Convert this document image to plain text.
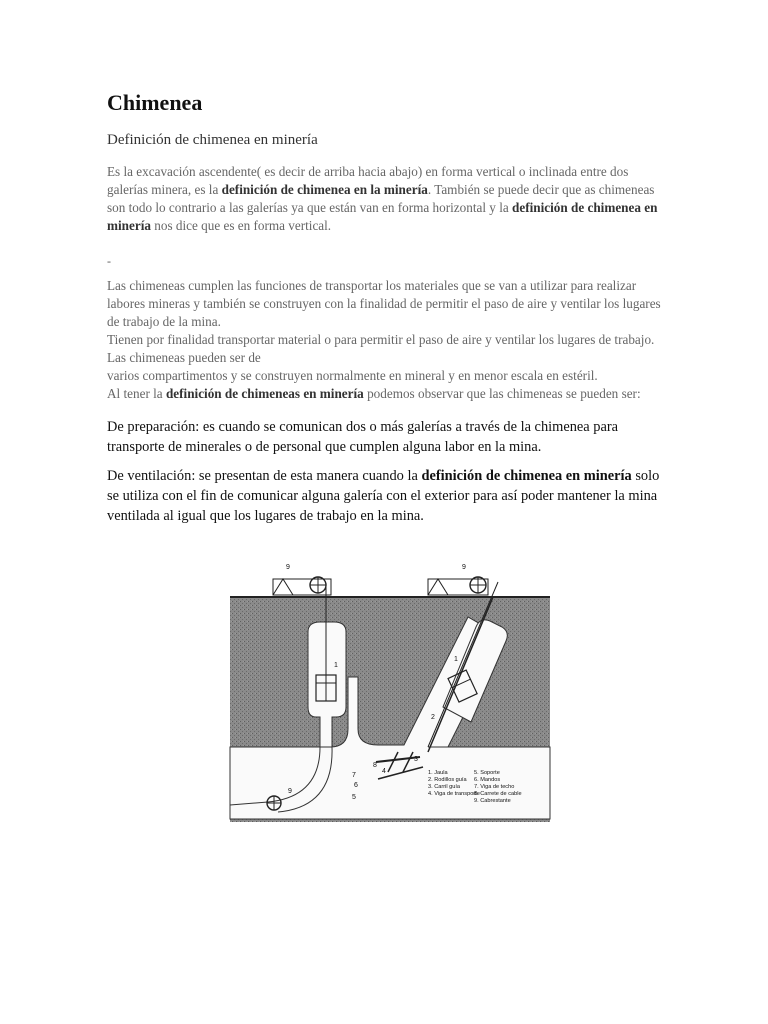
Chimenea

Definición de chimenea en minería

Es la excavación ascendente( es decir de arriba hacia abajo) en forma vertical o inclinada entre dos galerías minera, es la definición de chimenea en la minería. También se puede decir que as chimeneas son todo lo contrario a las galerías ya que están van en forma horizontal y la definición de chimenea en minería nos dice que es en forma vertical.

-

Las chimeneas cumplen las funciones de transportar los materiales que se van a utilizar para realizar labores mineras y también se construyen con la finalidad de permitir el paso de aire y ventilar los lugares de trabajo de la mina.
Tienen por finalidad transportar material o para permitir el paso de aire y ventilar los lugares de trabajo.
Las chimeneas pueden ser de
varios compartimentos y se construyen normalmente en mineral y en menor escala en estéril.
Al tener la definición de chimeneas en minería podemos observar que las chimeneas se pueden ser:

De preparación: es cuando se comunican dos o más galerías a través de la chimenea para transporte de minerales o de personal que cumplen alguna labor en la mina.

De ventilación: se presentan de esta manera cuando la definición de chimenea en minería solo se utiliza con el fin de comunicar alguna galería con el exterior para así poder mantener la mina ventilada al igual que los lugares de trabajo en la mina.

9	9
1
1
2
3
4
5
6
7
8
9
1. Jaula
2. Rodillos guía
3. Carril guía
4. Viga de transporte
5. Soporte
6. Mandos
7. Viga de techo
8. Carrete de cable
9. Cabrestante
